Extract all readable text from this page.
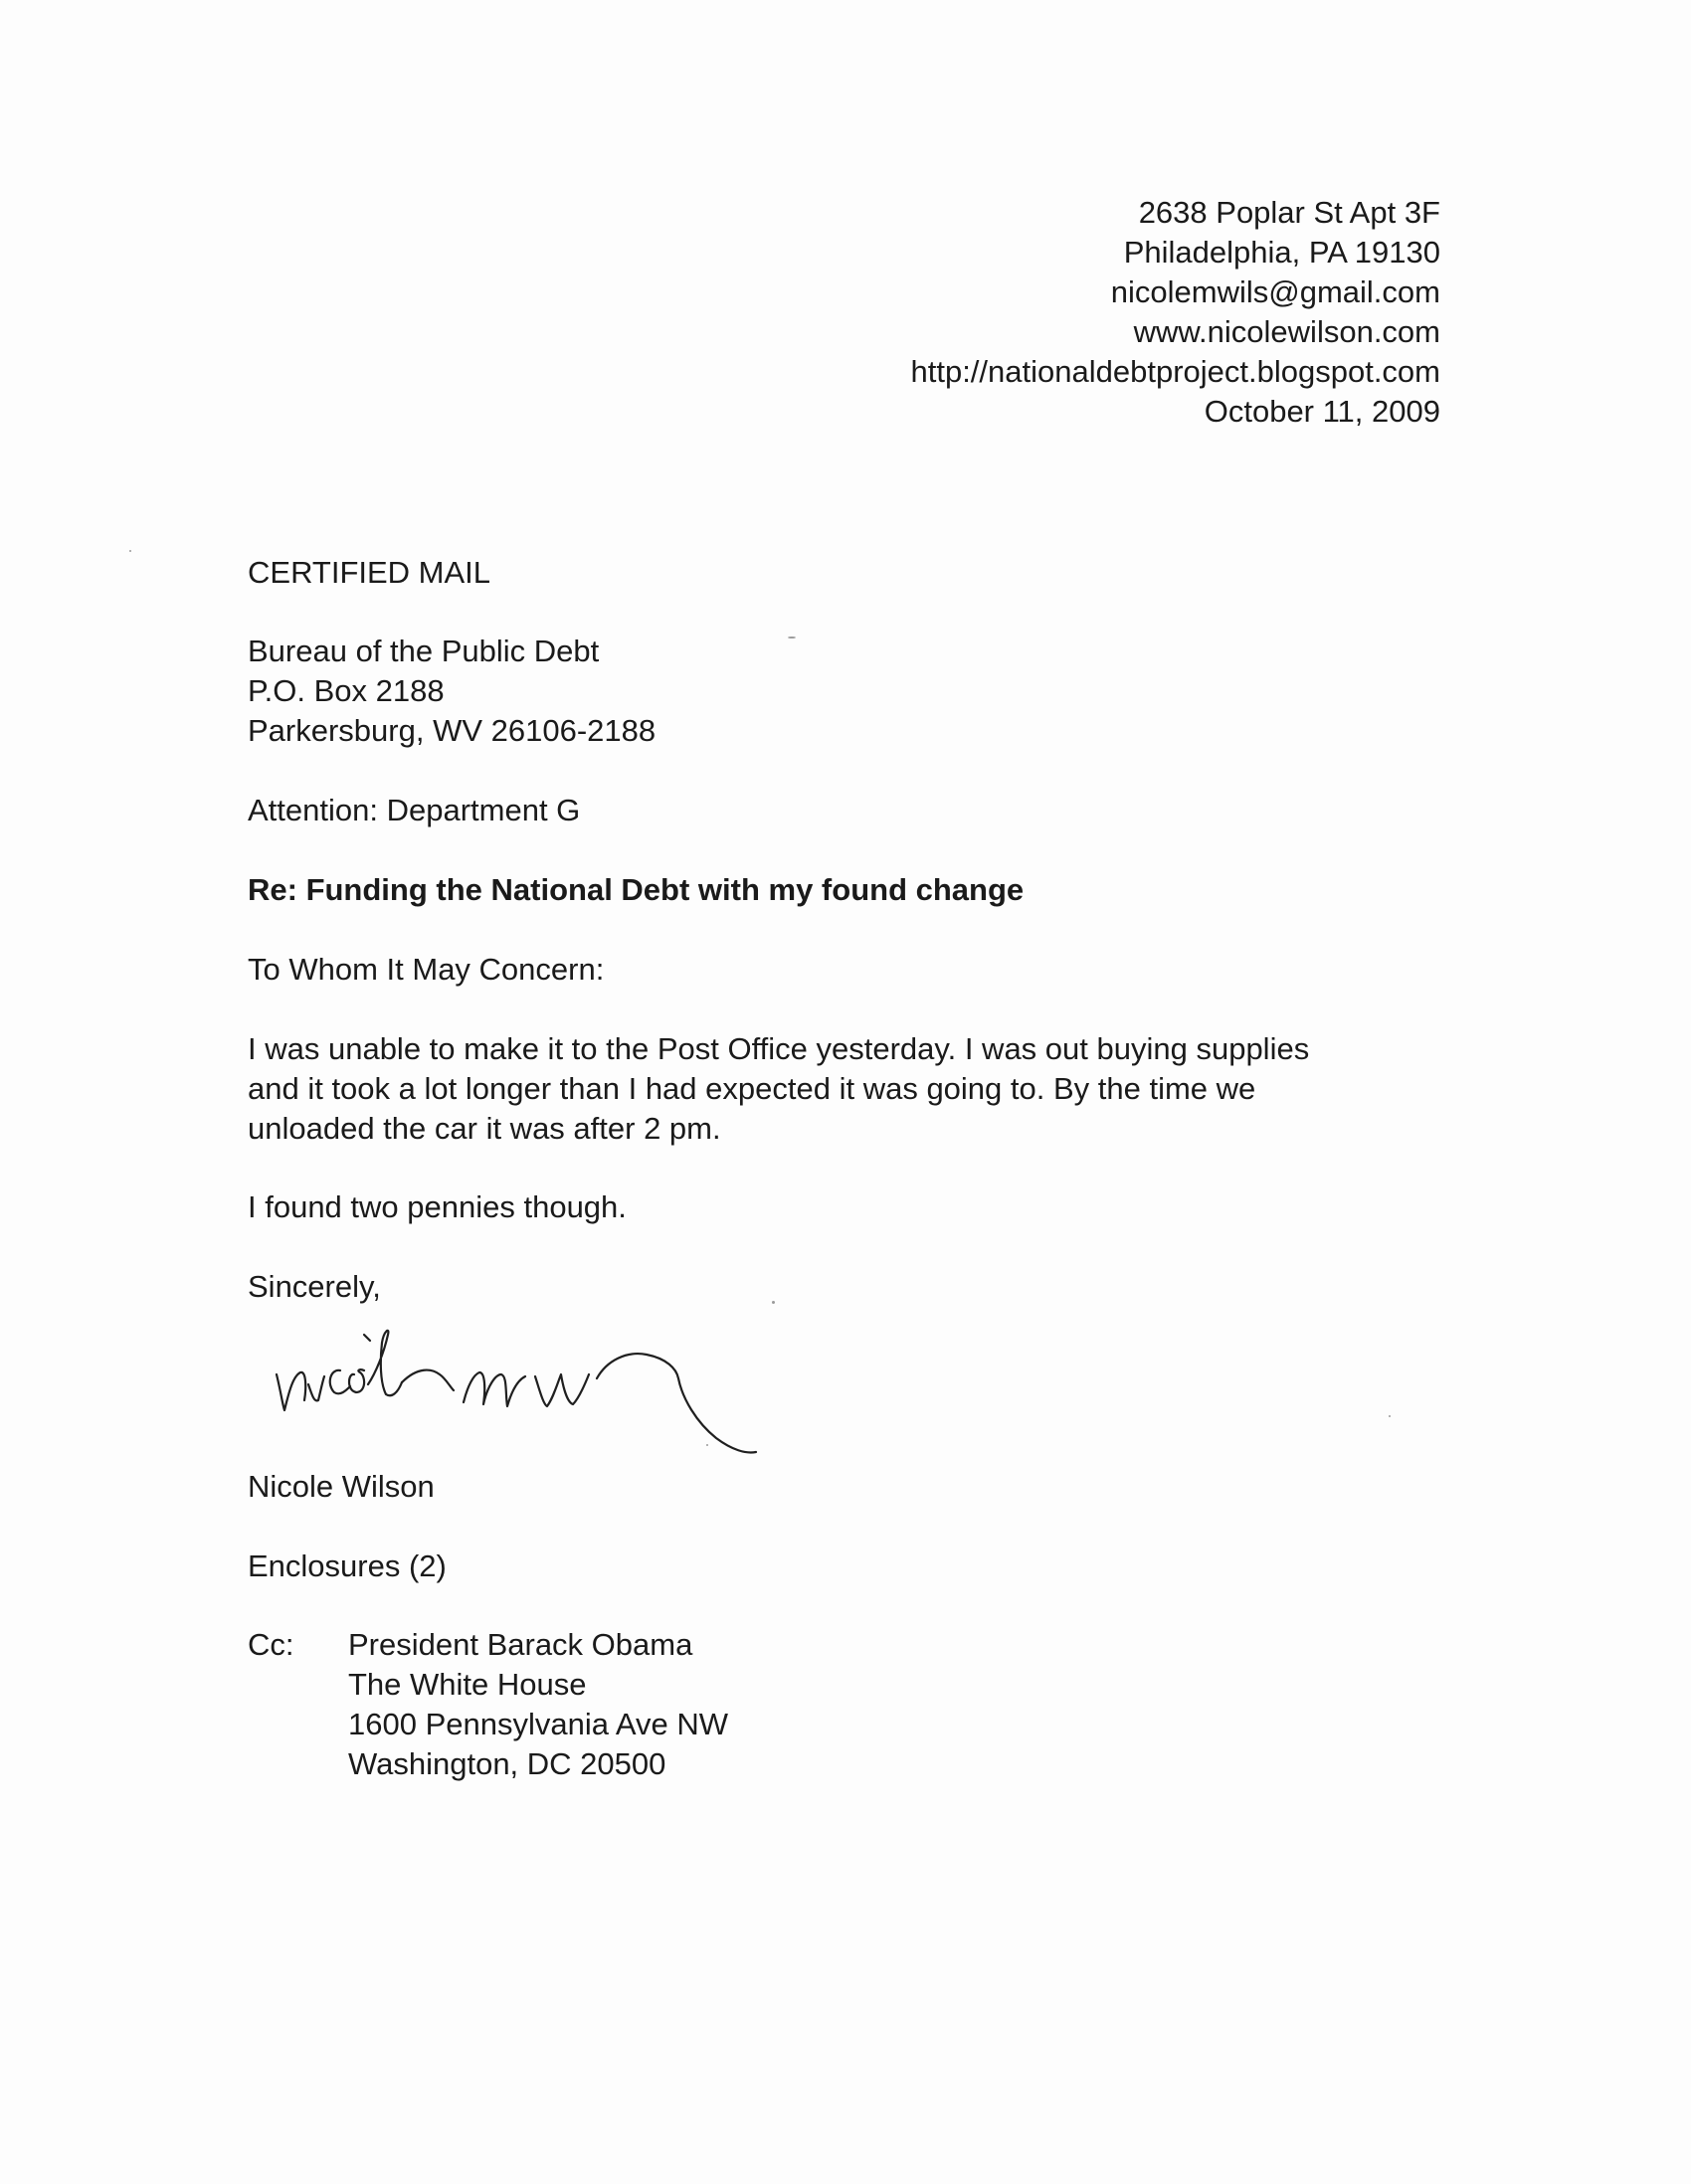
2638 Poplar St Apt 3F
Philadelphia, PA 19130
nicolemwils@gmail.com
www.nicolewilson.com
http://nationaldebtproject.blogspot.com
October 11, 2009
CERTIFIED MAIL
Bureau of the Public Debt
P.O. Box 2188
Parkersburg, WV 26106-2188
Attention: Department G
Re: Funding the National Debt with my found change
To Whom It May Concern:
I was unable to make it to the Post Office yesterday. I was out buying supplies
and it took a lot longer than I had expected it was going to. By the time we
unloaded the car it was after 2 pm.
I found two pennies though.
Sincerely,
Nicole Wilson
Enclosures (2)
Cc: President Barack Obama
The White House
1600 Pennsylvania Ave NW
Washington, DC 20500
